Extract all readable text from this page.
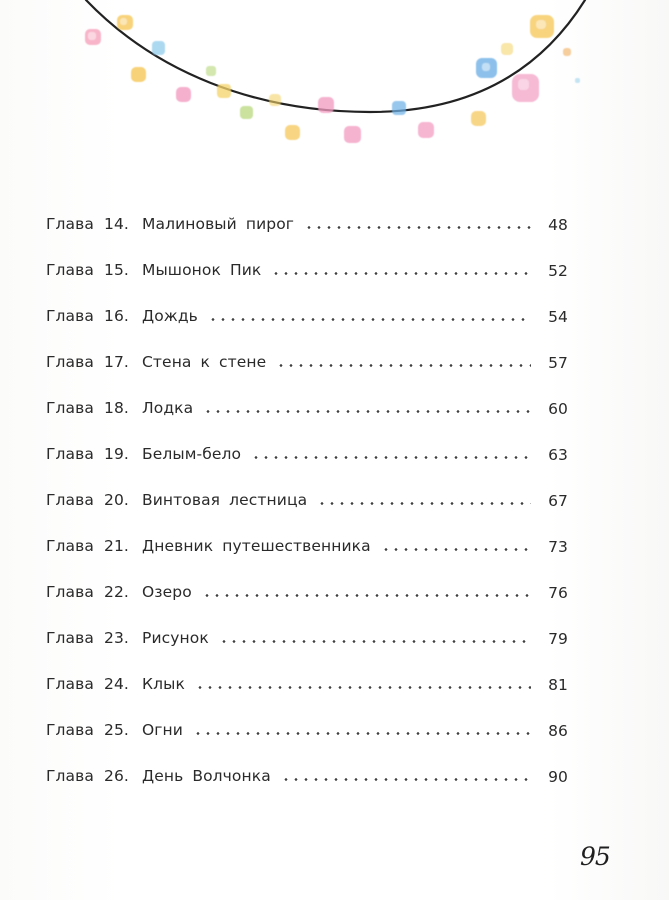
Глава 14. Малиновый пирог	48
Глава 15. Мышонок Пик	52
Глава 16. Дождь	54
Глава 17. Стена к стене	57
Глава 18. Лодка	60
Глава 19. Белым-бело	63
Глава 20. Винтовая лестница	67
Глава 21. Дневник путешественника	73
Глава 22. Озеро	76
Глава 23. Рисунок	79
Глава 24. Клык	81
Глава 25. Огни	86
Глава 26. День Волчонка	90
95
